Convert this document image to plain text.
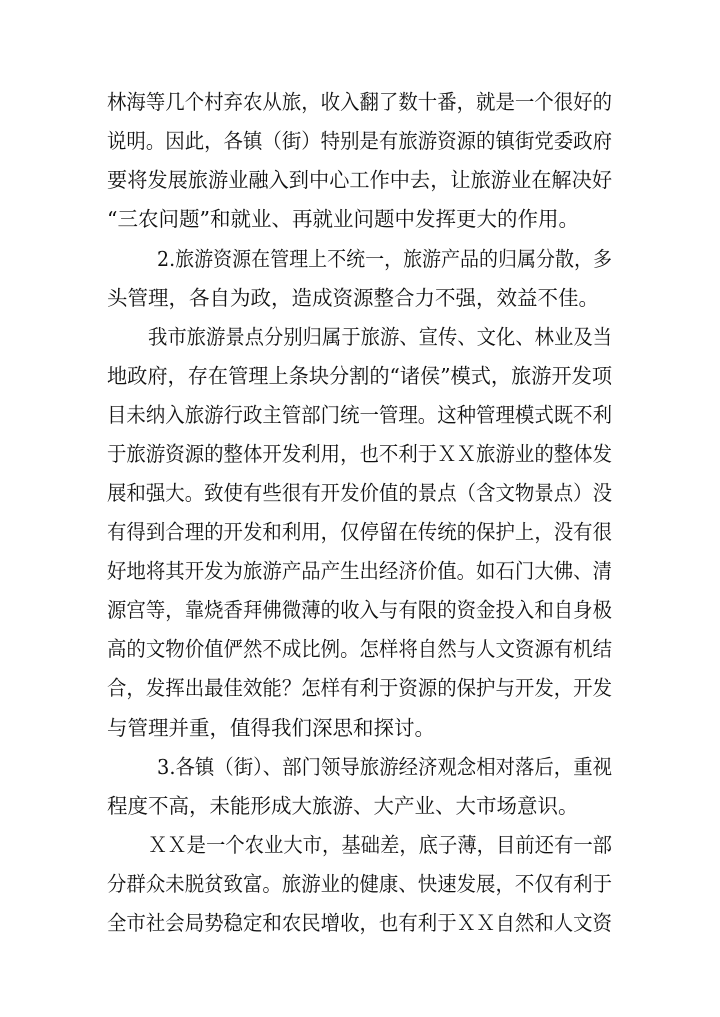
林海等几个村弃农从旅，收入翻了数十番，就是一个很好的
说明。因此，各镇（街）特别是有旅游资源的镇街党委政府
要将发展旅游业融入到中心工作中去，让旅游业在解决好
“三农问题”和就业、再就业问题中发挥更大的作用。
2.旅游资源在管理上不统一，旅游产品的归属分散，多
头管理，各自为政，造成资源整合力不强，效益不佳。
我市旅游景点分别归属于旅游、宣传、文化、林业及当
地政府，存在管理上条块分割的“诸侯”模式，旅游开发项
目未纳入旅游行政主管部门统一管理。这种管理模式既不利
于旅游资源的整体开发利用，也不利于ＸＸ旅游业的整体发
展和强大。致使有些很有开发价值的景点（含文物景点）没
有得到合理的开发和利用，仅停留在传统的保护上，没有很
好地将其开发为旅游产品产生出经济价值。如石门大佛、清
源宫等，靠烧香拜佛微薄的收入与有限的资金投入和自身极
高的文物价值俨然不成比例。怎样将自然与人文资源有机结
合，发挥出最佳效能？怎样有利于资源的保护与开发，开发
与管理并重，值得我们深思和探讨。
3.各镇（街）、部门领导旅游经济观念相对落后，重视
程度不高，未能形成大旅游、大产业、大市场意识。
ＸＸ是一个农业大市，基础差，底子薄，目前还有一部
分群众未脱贫致富。旅游业的健康、快速发展，不仅有利于
全市社会局势稳定和农民增收，也有利于ＸＸ自然和人文资
